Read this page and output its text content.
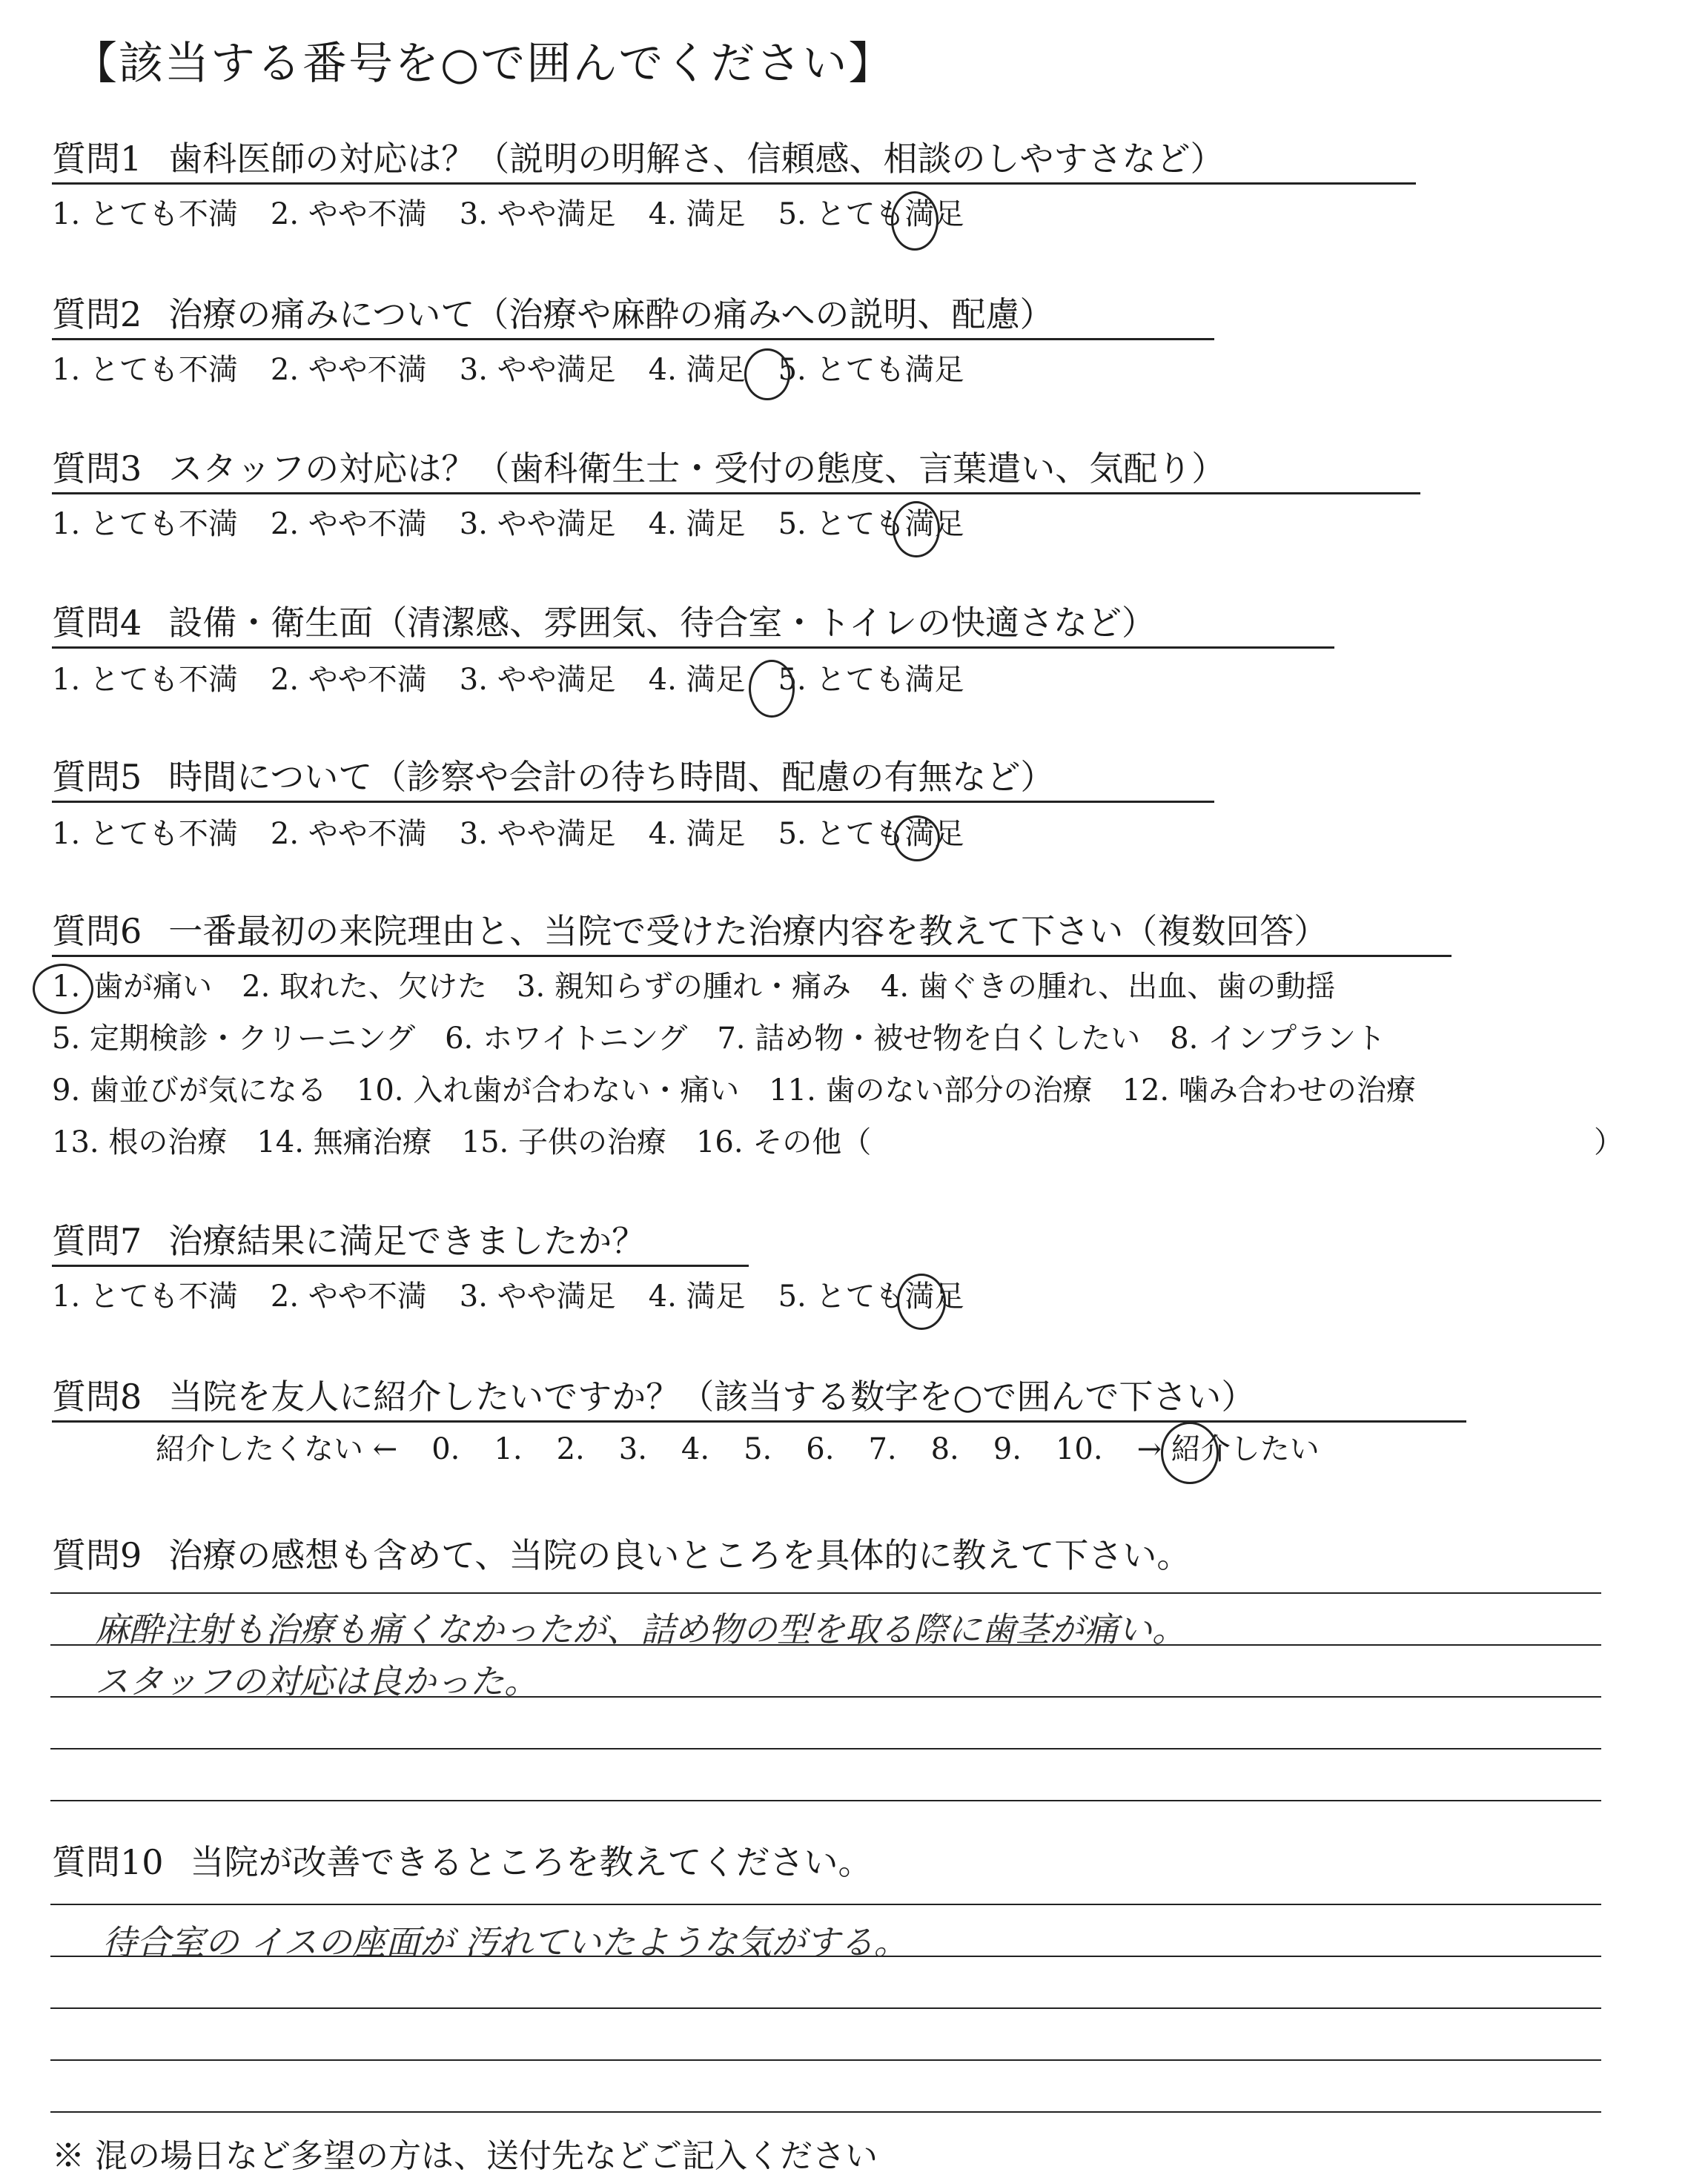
【該当する番号を○で囲んでください】
質問1 歯科医師の対応は？（説明の明解さ、信頼感、相談のしやすさなど）
1. とても不満 2. やや不満 3. やや満足 4. 満足 5. とても満足
質問2 治療の痛みについて（治療や麻酔の痛みへの説明、配慮）
1. とても不満 2. やや不満 3. やや満足 4. 満足 5. とても満足
質問3 スタッフの対応は？（歯科衛生士・受付の態度、言葉遣い、気配り）
1. とても不満 2. やや不満 3. やや満足 4. 満足 5. とても満足
質問4 設備・衛生面（清潔感、雰囲気、待合室・トイレの快適さなど）
1. とても不満 2. やや不満 3. やや満足 4. 満足 5. とても満足
質問5 時間について（診察や会計の待ち時間、配慮の有無など）
1. とても不満 2. やや不満 3. やや満足 4. 満足 5. とても満足
質問6 一番最初の来院理由と、当院で受けた治療内容を教えて下さい（複数回答）
1. 歯が痛い 2. 取れた、欠けた 3. 親知らずの腫れ・痛み 4. 歯ぐきの腫れ、出血、歯の動揺
5. 定期検診・クリーニング　6. ホワイトニング　7. 詰め物・被せ物を白くしたい　8. インプラント
9. 歯並びが気になる　10. 入れ歯が合わない・痛い　11. 歯のない部分の治療　12. 噛み合わせの治療
13. 根の治療　14. 無痛治療　15. 子供の治療　16. その他（	）
質問7 治療結果に満足できましたか？
1. とても不満 2. やや不満 3. やや満足 4. 満足 5. とても満足
質問8 当院を友人に紹介したいですか？（該当する数字を○で囲んで下さい）
紹介したくない ← 0. 1. 2. 3. 4. 5. 6. 7. 8. 9. 10. → 紹介したい
質問9 治療の感想も含めて、当院の良いところを具体的に教えて下さい。
麻酔注射も治療も痛くなかったが、詰め物の型を取る際に歯茎が痛い。
スタッフの対応は良かった。
質問10 当院が改善できるところを教えてください。
待合室の イスの座面が 汚れていたような気がする。
※ 混の場日など多望の方は、送付先などご記入ください
